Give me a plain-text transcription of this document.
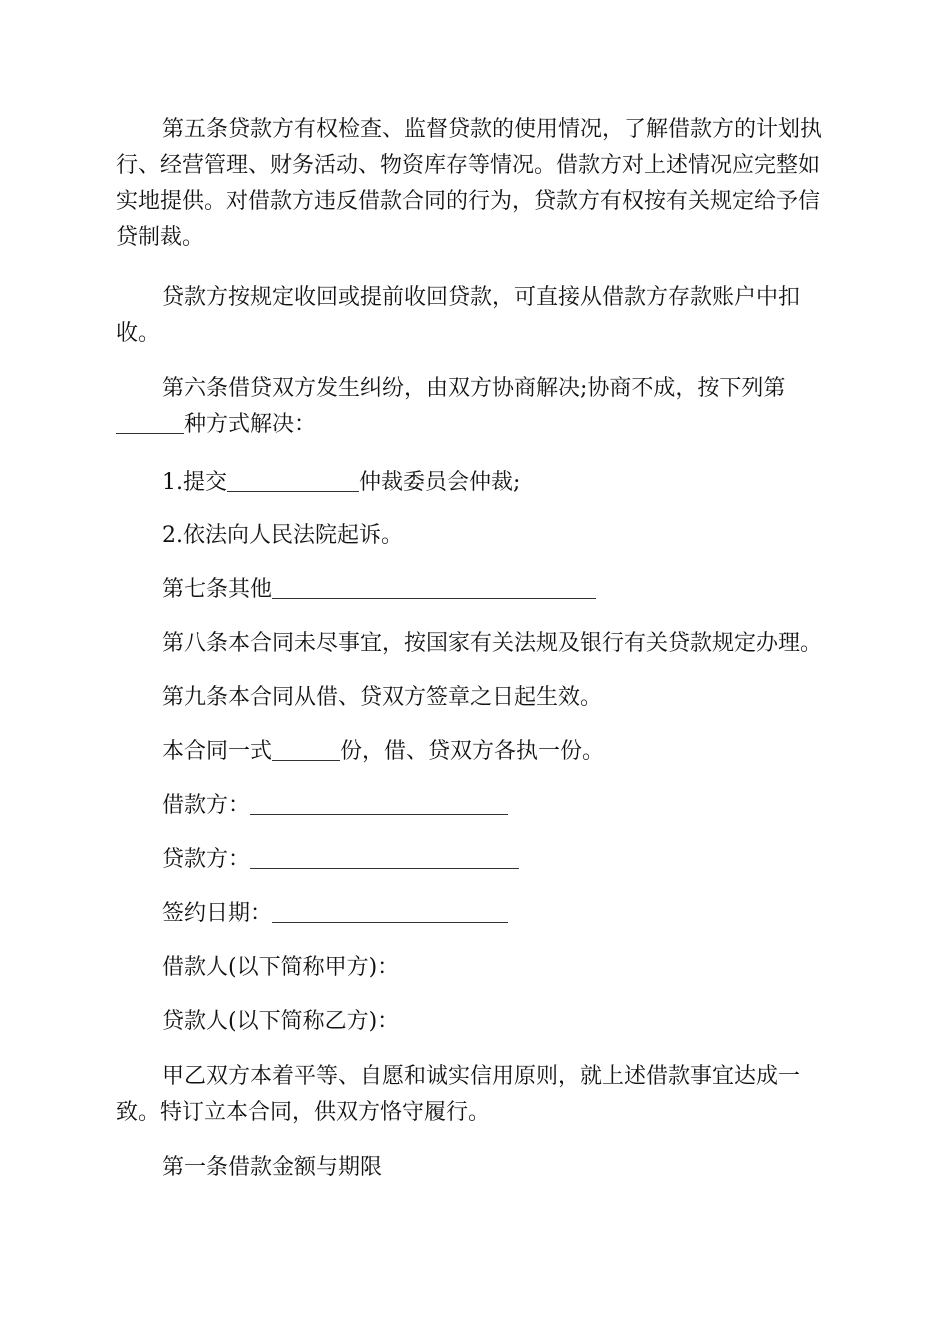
第五条贷款方有权检查、监督贷款的使用情况，了解借款方的计划执行、经营管理、财务活动、物资库存等情况。借款方对上述情况应完整如实地提供。对借款方违反借款合同的行为，贷款方有权按有关规定给予信贷制裁。

贷款方按规定收回或提前收回贷款，可直接从借款方存款账户中扣收。

第六条借贷双方发生纠纷，由双方协商解决;协商不成，按下列第种方式解决：

1.提交	仲裁委员会仲裁;

2.依法向人民法院起诉。

第七条其他

第八条本合同未尽事宜，按国家有关法规及银行有关贷款规定办理。

第九条本合同从借、贷双方签章之日起生效。

本合同一式	份，借、贷双方各执一份。

借款方：

贷款方：

签约日期：

借款人(以下简称甲方)：

贷款人(以下简称乙方)：

甲乙双方本着平等、自愿和诚实信用原则，就上述借款事宜达成一致。特订立本合同，供双方恪守履行。

第一条借款金额与期限
